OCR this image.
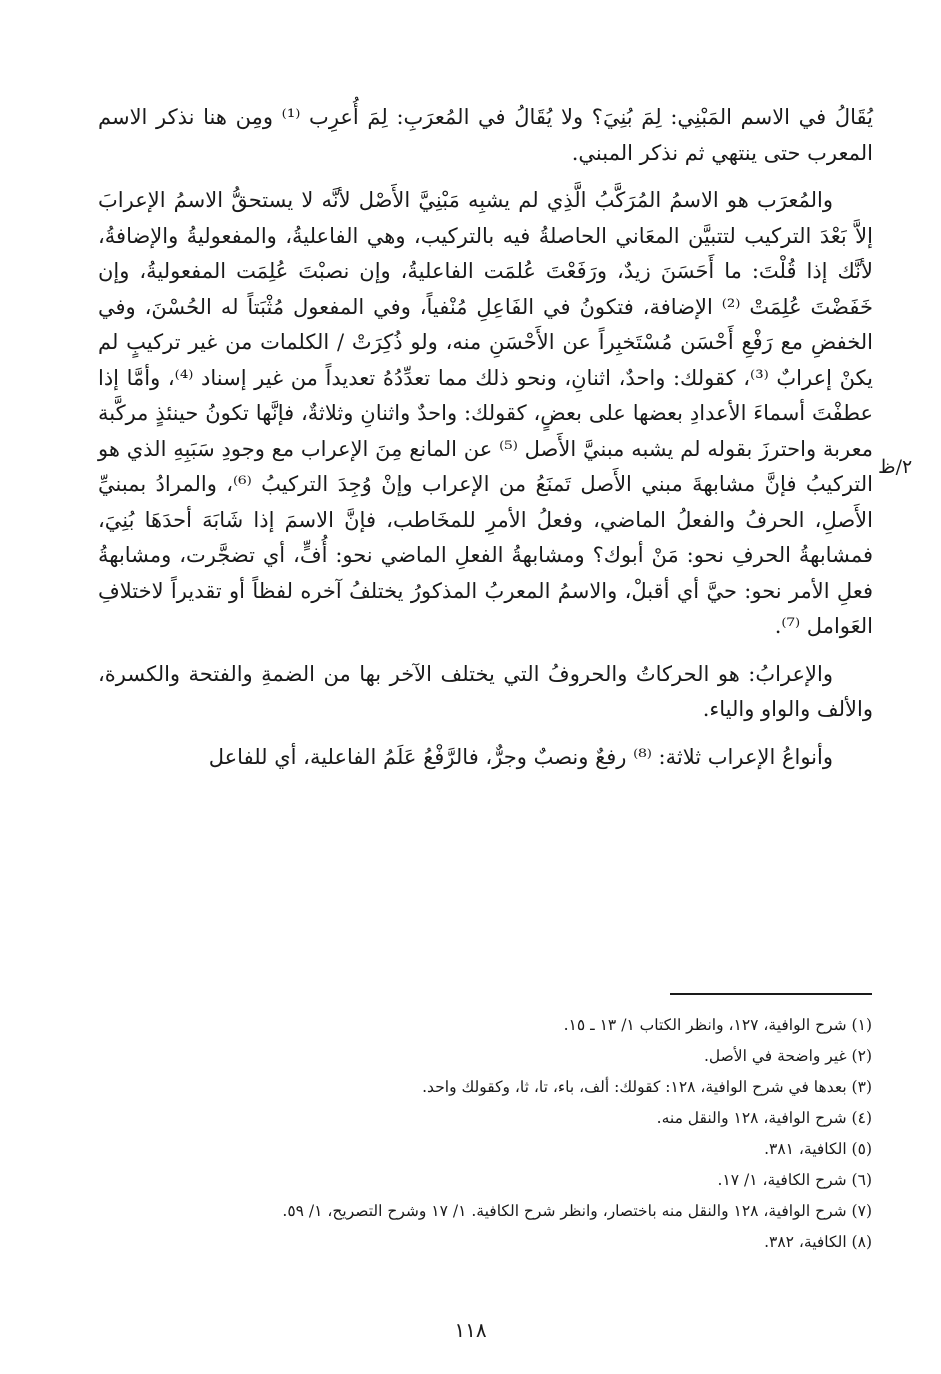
يُقَالُ في الاسم المَبْنِي: لِمَ بُنِيَ؟ ولا يُقَالُ في المُعرَبِ: لِمَ أُعرِب ⁽¹⁾ ومِن هنا نذكر الاسم المعرب حتى ينتهي ثم نذكر المبني.

والمُعرَب هو الاسمُ المُرَكَّبُ الَّذِي لم يشبِه مَبْنِيَّ الأَصْل لأنَّه لا يستحقُّ الاسمُ الإعرابَ إلاَّ بَعْدَ التركيب لتتبيَّن المعَاني الحاصلةُ فيه بالتركيب، وهي الفاعليةُ، والمفعوليةُ والإضافةُ، لأنَّك إذا قُلْتَ: ما أَحَسَنَ زيدٌ، ورَفَعْتَ عُلمَت الفاعليةُ، وإن نصبْتَ عُلِمَت المفعوليةُ، وإن خَفَضْتَ عُلِمَتْ ⁽²⁾ الإضافة، فتكونُ في الفَاعِلِ مُنْفياً، وفي المفعول مُثْبَتاً له الحُسْنَ، وفي الخفضِ مع رَفْعِ أَحْسَن مُسْتَخبِراً عن الأَحْسَنِ منه، ولو ذُكِرَتْ / الكلمات من غير تركيبٍ لم يكنْ إعرابٌ ⁽³⁾، كقولك: واحدٌ، اثنانِ، ونحو ذلك مما تعدِّدُهُ تعديداً من غير إسناد ⁽⁴⁾، وأمَّا إذا عطفْتَ أسماءَ الأعدادِ بعضها على بعضٍ، كقولك: واحدٌ واثنانِ وثلاثةٌ، فإنَّها تكونُ حينئذٍ مركَّبة معربة واحترزَ بقوله لم يشبه مبنيَّ الأَصل ⁽⁵⁾ عن المانع مِنَ الإعراب مع وجودِ سَبَبِهِ الذي هو التركيبُ فإنَّ مشابهةَ مبني الأَصل تَمنَعُ من الإعراب وإنْ وُجِدَ التركيبُ ⁽⁶⁾، والمرادُ بمبنيِّ الأَصلِ، الحرفُ والفعلُ الماضي، وفعلُ الأمرِ للمخَاطب، فإنَّ الاسمَ إذا شَابَهَ أحدَهَا بُنِيَ، فمشابهةُ الحرفِ نحو: مَنْ أبوك؟ ومشابهةُ الفعلِ الماضي نحو: أُفٍّ، أي تضجَّرت، ومشابهةُ فعلِ الأمر نحو: حيَّ أي أقبلْ، والاسمُ المعربُ المذكورُ يختلفُ آخره لفظاً أو تقديراً لاختلافِ العَوامل ⁽⁷⁾.

والإعرابُ: هو الحركاتُ والحروفُ التي يختلف الآخر بها من الضمةِ والفتحة والكسرة، والألف والواو والياء.

وأنواعُ الإعراب ثلاثة: ⁽⁸⁾ رفعٌ ونصبٌ وجرٌّ، فالرَّفْعُ عَلَمُ الفاعلية، أي للفاعل

٢/ظ
(١) شرح الوافية، ١٢٧، وانظر الكتاب ١/ ١٣ ـ ١٥.
(٢) غير واضحة في الأصل.
(٣) بعدها في شرح الوافية، ١٢٨: كقولك: ألف، باء، تا، ثا، وكقولك واحد.
(٤) شرح الوافية، ١٢٨ والنقل منه.
(٥) الكافية، ٣٨١.
(٦) شرح الكافية، ١/ ١٧.
(٧) شرح الوافية، ١٢٨ والنقل منه باختصار، وانظر شرح الكافية. ١/ ١٧ وشرح التصريح، ١/ ٥٩.
(٨) الكافية، ٣٨٢.
١١٨
